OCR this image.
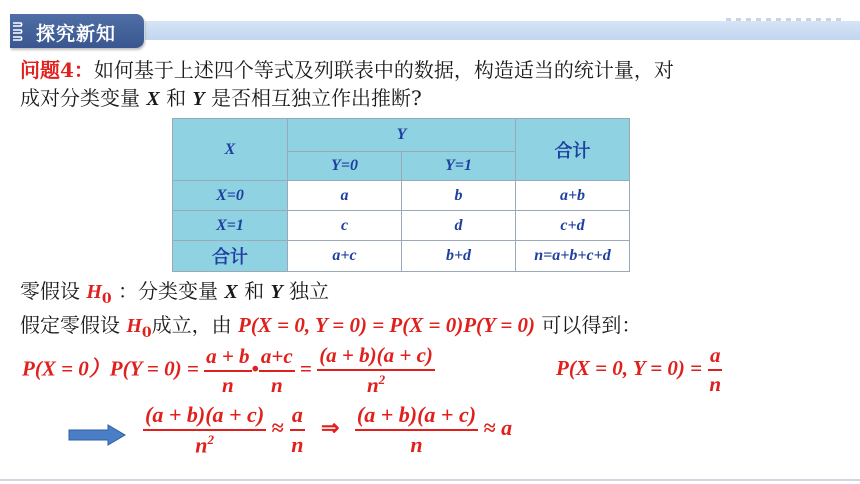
探究新知
问题4：如何基于上述四个等式及列联表中的数据，构造适当的统计量，对
成对分类变量 X 和 Y 是否相互独立作出推断?
X	Y		合计
	Y=0	Y=1	
X=0	a	b	a+b
X=1	c	d	c+d
合计	a+c	b+d	n=a+b+c+d
零假设 $H_0$ ：分类变量 X 和 Y 独立
假定零假设 $H_0$成立，由 P(X = 0, Y = 0) = P(X = 0)P(Y = 0) 可以得到：
$P(X = 0)P(Y = 0) = \frac{a + b}{n}$ • $\frac{a+c}{n} = \frac{(a + b)(a + c)}{n^2}$	P(X = 0, $Y = 0) = \frac{a}{n}$
$\frac{(a + b)(a + c)}{n^2} \approx \frac{a}{n}$ ⇒ $\frac{(a + b)(a + c)}{n} \approx a$
